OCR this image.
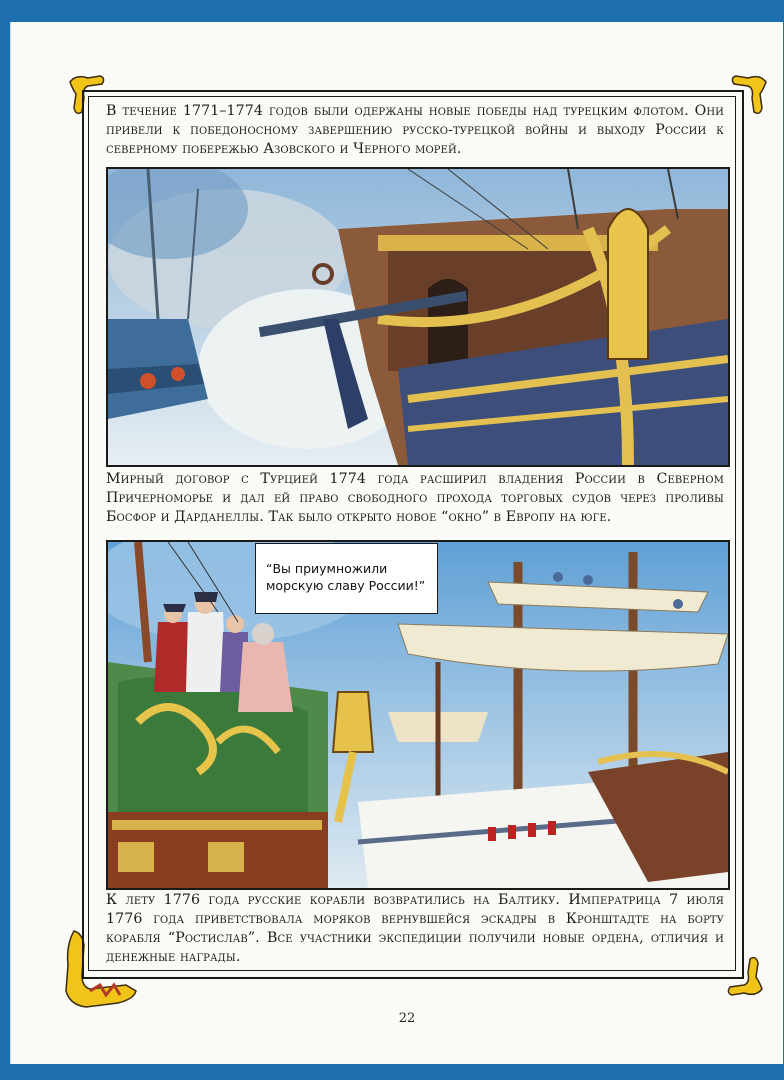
В течение 1771–1774 годов были одержаны новые победы над турецким флотом. Они привели к победоносному завершению русско-турецкой войны и выходу России к северному побережью Азовского и Черного морей.
Мирный договор с Турцией 1774 года расширил владения России в Северном Причерноморье и дал ей право свободного прохода торговых судов через проливы Босфор и Дарданеллы. Так было открыто новое “окно” в Европу на юге.
“Вы приумножили
морскую славу России!”
К лету 1776 года русские корабли возвратились на Балтику. Императрица 7 июля 1776 года приветствовала моряков вернувшейся эскадры в Кронштадте на борту корабля “Ростислав”. Все участники экспедиции получили новые ордена, отличия и денежные награды.
22
